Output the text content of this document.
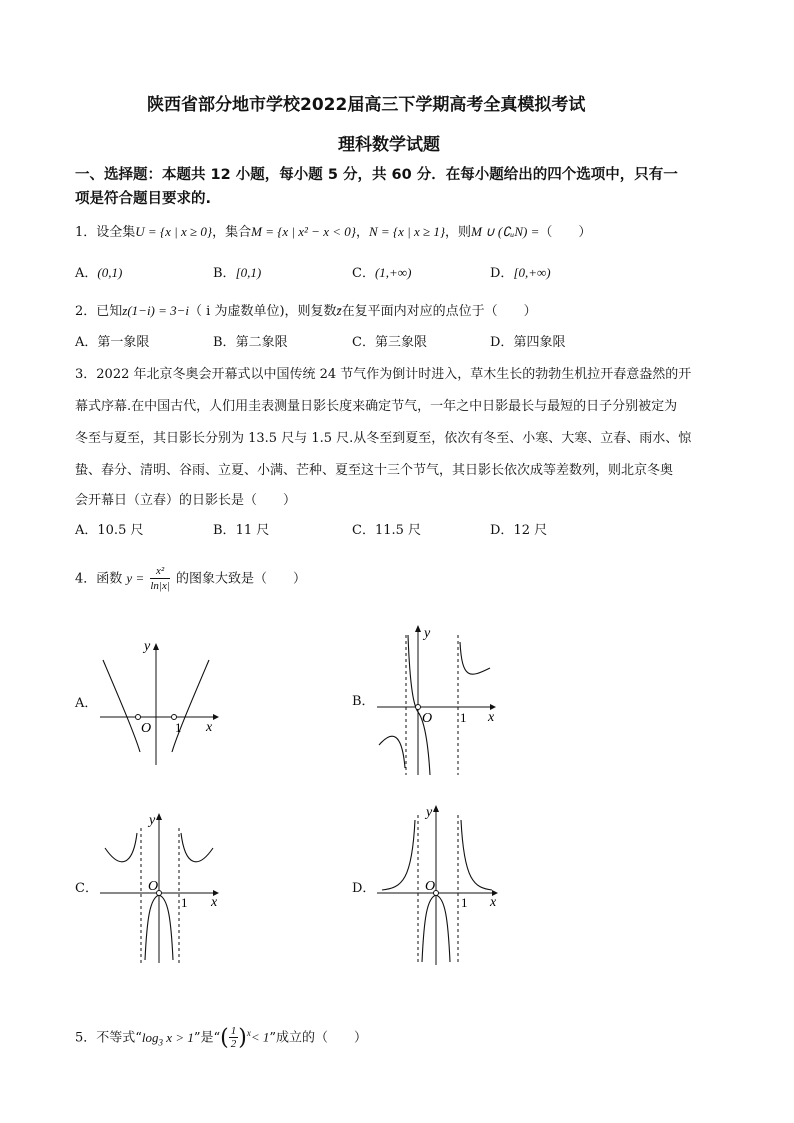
陕西省部分地市学校2022届高三下学期高考全真模拟考试
理科数学试题
一、选择题：本题共 12 小题，每小题 5 分，共 60 分．在每小题给出的四个选项中，只有一
项是符合题目要求的.
1．设全集U = {x | x ≥ 0}，集合M = {x | x² − x < 0}，N = {x | x ≥ 1}，则M ∪ (∁ᵤN) =（　　）
A．(0,1)	B．[0,1)	C．(1,+∞)	D．[0,+∞)
2．已知z(1−i) = 3−i（ i 为虚数单位)，则复数z̄在复平面内对应的点位于（　　）
A．第一象限	B．第二象限	C．第三象限	D．第四象限
3．2022 年北京冬奥会开幕式以中国传统 24 节气作为倒计时进入，草木生长的勃勃生机拉开春意盎然的开
幕式序幕.在中国古代，人们用圭表测量日影长度来确定节气，一年之中日影最长与最短的日子分别被定为
冬至与夏至，其日影长分别为 13.5 尺与 1.5 尺.从冬至到夏至，依次有冬至、小寒、大寒、立春、雨水、惊
蛰、春分、清明、谷雨、立夏、小满、芒种、夏至这十三个节气，其日影长依次成等差数列，则北京冬奥
会开幕日（立春）的日影长是（　　）
A．10.5 尺	B．11 尺	C．11.5 尺	D．12 尺
4．函数 $y = \frac{\text{x²}}{\ln|x|}$ 的图象大致是（　　）
A．
y
x
O 1
B．
y
x
O 1
C．
y
x
O
1
D．
y
x
O
1
5．不等式“$\log_3$ x > 1”是“( $\frac{1}{2} )^x< 1$”成立的（　　）
